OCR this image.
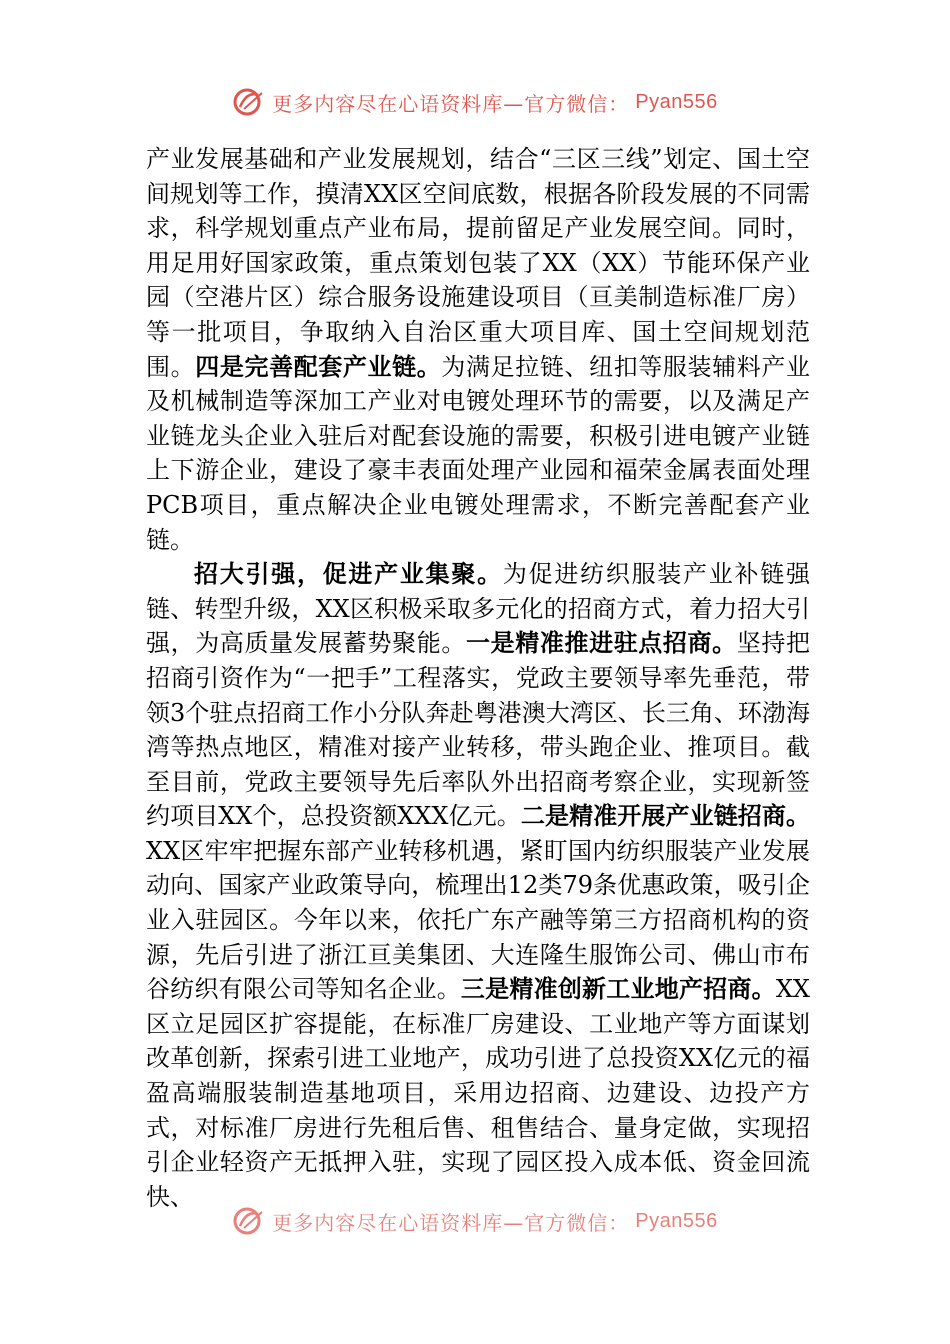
更多内容尽在心语资料库—官方微信： Pyan556

产业发展基础和产业发展规划，结合“三区三线”划定、国土空间规划等工作，摸清XX区空间底数，根据各阶段发展的不同需求，科学规划重点产业布局，提前留足产业发展空间。同时，用足用好国家政策，重点策划包装了XX（XX）节能环保产业园（空港片区）综合服务设施建设项目（亘美制造标准厂房）等一批项目，争取纳入自治区重大项目库、国土空间规划范围。四是完善配套产业链。为满足拉链、纽扣等服装辅料产业及机械制造等深加工产业对电镀处理环节的需要，以及满足产业链龙头企业入驻后对配套设施的需要，积极引进电镀产业链上下游企业，建设了豪丰表面处理产业园和福荣金属表面处理PCB项目，重点解决企业电镀处理需求，不断完善配套产业链。

招大引强，促进产业集聚。为促进纺织服装产业补链强链、转型升级，XX区积极采取多元化的招商方式，着力招大引强，为高质量发展蓄势聚能。一是精准推进驻点招商。坚持把招商引资作为“一把手”工程落实，党政主要领导率先垂范，带领3个驻点招商工作小分队奔赴粤港澳大湾区、长三角、环渤海湾等热点地区，精准对接产业转移，带头跑企业、推项目。截至目前，党政主要领导先后率队外出招商考察企业，实现新签约项目XX个，总投资额XXX亿元。二是精准开展产业链招商。XX区牢牢把握东部产业转移机遇，紧盯国内纺织服装产业发展动向、国家产业政策导向，梳理出12类79条优惠政策，吸引企业入驻园区。今年以来，依托广东产融等第三方招商机构的资源，先后引进了浙江亘美集团、大连隆生服饰公司、佛山市布谷纺织有限公司等知名企业。三是精准创新工业地产招商。XX区立足园区扩容提能，在标准厂房建设、工业地产等方面谋划改革创新，探索引进工业地产，成功引进了总投资XX亿元的福盈高端服装制造基地项目，采用边招商、边建设、边投产方式，对标准厂房进行先租后售、租售结合、量身定做，实现招引企业轻资产无抵押入驻，实现了园区投入成本低、资金回流快、

更多内容尽在心语资料库—官方微信： Pyan556
